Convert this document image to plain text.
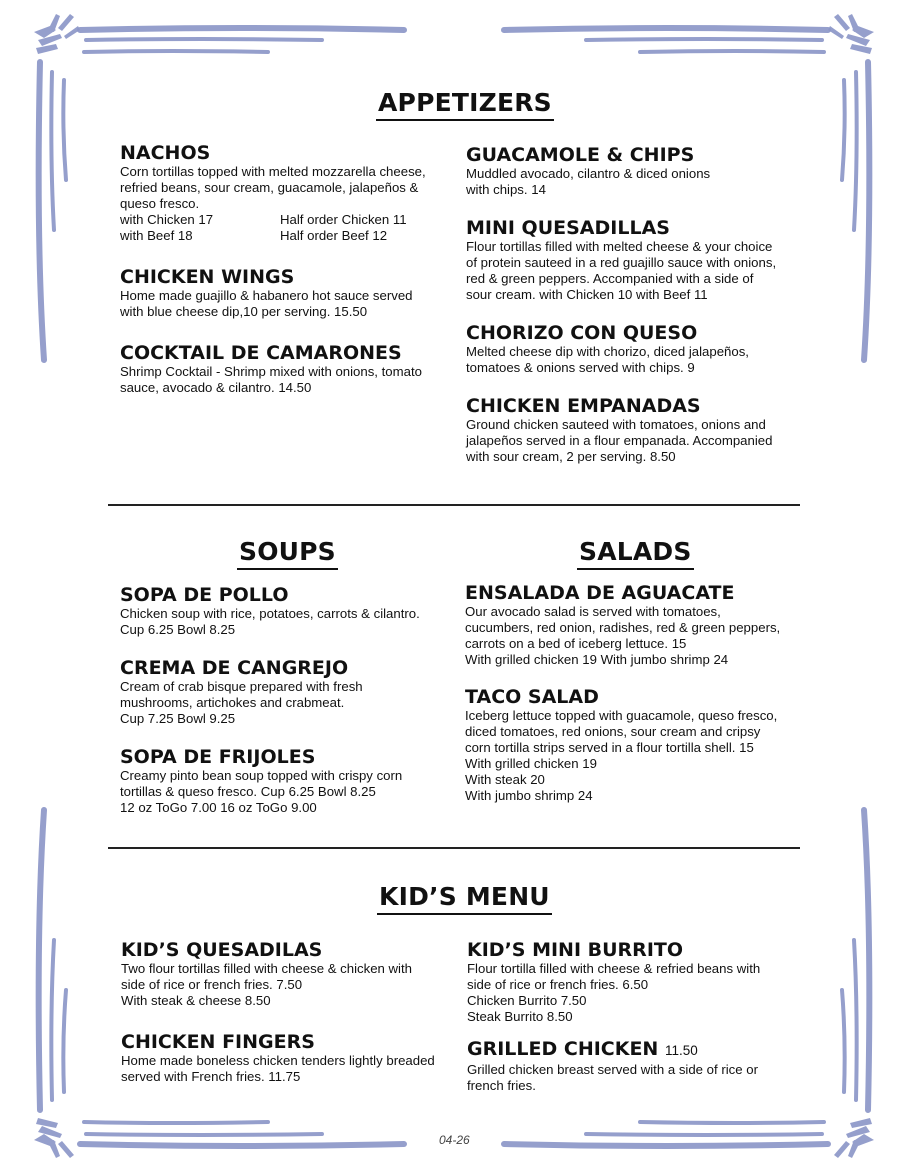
APPETIZERS

NACHOS

Corn tortillas topped with melted mozzarella cheese,
refried beans, sour cream, guacamole, jalapeños &
queso fresco.

with Chicken 17	Half order Chicken 11
with Beef 18	Half order Beef 12

CHICKEN WINGS

Home made guajillo & habanero hot sauce served
with blue cheese dip,10 per serving. 15.50

COCKTAIL DE CAMARONES

Shrimp Cocktail - Shrimp mixed with onions, tomato
sauce, avocado & cilantro. 14.50

GUACAMOLE & CHIPS

Muddled avocado, cilantro & diced onions
with chips. 14

MINI QUESADILLAS

Flour tortillas filled with melted cheese & your choice
of protein sauteed in a red guajillo sauce with onions,
red & green peppers. Accompanied with a side of
sour cream. with Chicken 10 with Beef 11

CHORIZO CON QUESO

Melted cheese dip with chorizo, diced jalapeños,
tomatoes & onions served with chips. 9

CHICKEN EMPANADAS

Ground chicken sauteed with tomatoes, onions and
jalapeños served in a flour empanada. Accompanied
with sour cream, 2 per serving. 8.50

SOUPS

SOPA DE POLLO

Chicken soup with rice, potatoes, carrots & cilantro.
Cup 6.25 Bowl 8.25

CREMA DE CANGREJO

Cream of crab bisque prepared with fresh
mushrooms, artichokes and crabmeat.
Cup 7.25 Bowl 9.25

SOPA DE FRIJOLES

Creamy pinto bean soup topped with crispy corn
tortillas & queso fresco. Cup 6.25 Bowl 8.25
12 oz ToGo 7.00 16 oz ToGo 9.00

SALADS

ENSALADA DE AGUACATE

Our avocado salad is served with tomatoes,
cucumbers, red onion, radishes, red & green peppers,
carrots on a bed of iceberg lettuce. 15
With grilled chicken 19 With jumbo shrimp 24

TACO SALAD

Iceberg lettuce topped with guacamole, queso fresco,
diced tomatoes, red onions, sour cream and cripsy
corn tortilla strips served in a flour tortilla shell. 15
With grilled chicken 19
With steak 20
With jumbo shrimp 24

KID’S MENU

KID’S QUESADILAS

Two flour tortillas filled with cheese & chicken with
side of rice or french fries. 7.50
With steak & cheese 8.50

CHICKEN FINGERS

Home made boneless chicken tenders lightly breaded
served with French fries. 11.75

KID’S MINI BURRITO

Flour tortilla filled with cheese & refried beans with
side of rice or french fries. 6.50
Chicken Burrito 7.50
Steak Burrito 8.50

GRILLED CHICKEN 11.50

Grilled chicken breast served with a side of rice or
french fries.

04-26
